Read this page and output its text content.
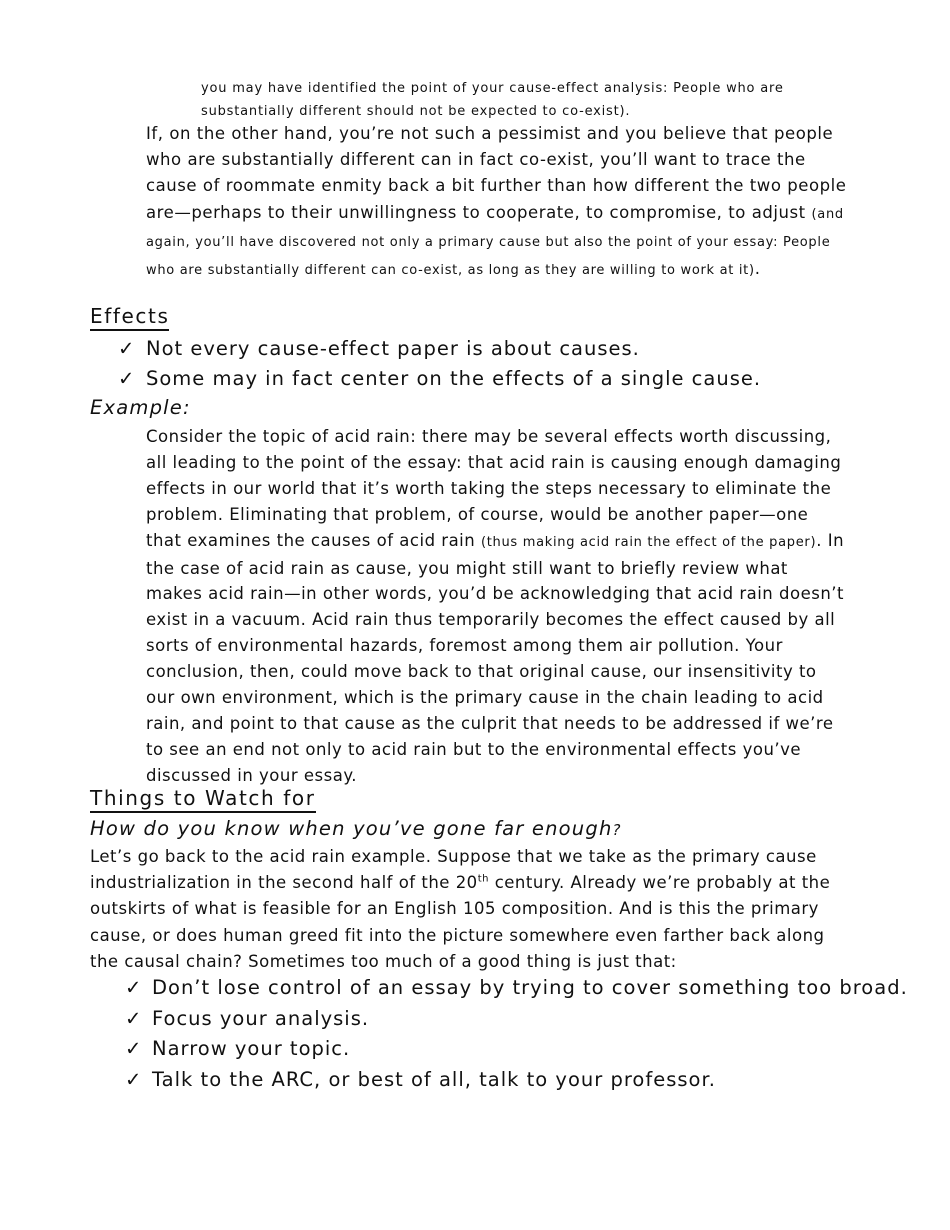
you may have identified the point of your cause-effect analysis: People who are substantially different should not be expected to co-exist).
If, on the other hand, you’re not such a pessimist and you believe that people who are substantially different can in fact co-exist, you’ll want to trace the cause of roommate enmity back a bit further than how different the two people are—perhaps to their unwillingness to cooperate, to compromise, to adjust (and again, you’ll have discovered not only a primary cause but also the point of your essay: People who are substantially different can co-exist, as long as they are willing to work at it).
Effects
✓ Not every cause-effect paper is about causes.
✓ Some may in fact center on the effects of a single cause.
Example:
Consider the topic of acid rain: there may be several effects worth discussing, all leading to the point of the essay: that acid rain is causing enough damaging effects in our world that it’s worth taking the steps necessary to eliminate the problem. Eliminating that problem, of course, would be another paper—one that examines the causes of acid rain (thus making acid rain the effect of the paper). In the case of acid rain as cause, you might still want to briefly review what makes acid rain—in other words, you’d be acknowledging that acid rain doesn’t exist in a vacuum. Acid rain thus temporarily becomes the effect caused by all sorts of environmental hazards, foremost among them air pollution. Your conclusion, then, could move back to that original cause, our insensitivity to our own environment, which is the primary cause in the chain leading to acid rain, and point to that cause as the culprit that needs to be addressed if we’re to see an end not only to acid rain but to the environmental effects you’ve discussed in your essay.
Things to Watch for
How do you know when you’ve gone far enough?
Let’s go back to the acid rain example. Suppose that we take as the primary cause industrialization in the second half of the 20th century. Already we’re probably at the outskirts of what is feasible for an English 105 composition. And is this the primary cause, or does human greed fit into the picture somewhere even farther back along the causal chain? Sometimes too much of a good thing is just that:
✓ Don’t lose control of an essay by trying to cover something too broad.
✓ Focus your analysis.
✓ Narrow your topic.
✓ Talk to the ARC, or best of all, talk to your professor.
